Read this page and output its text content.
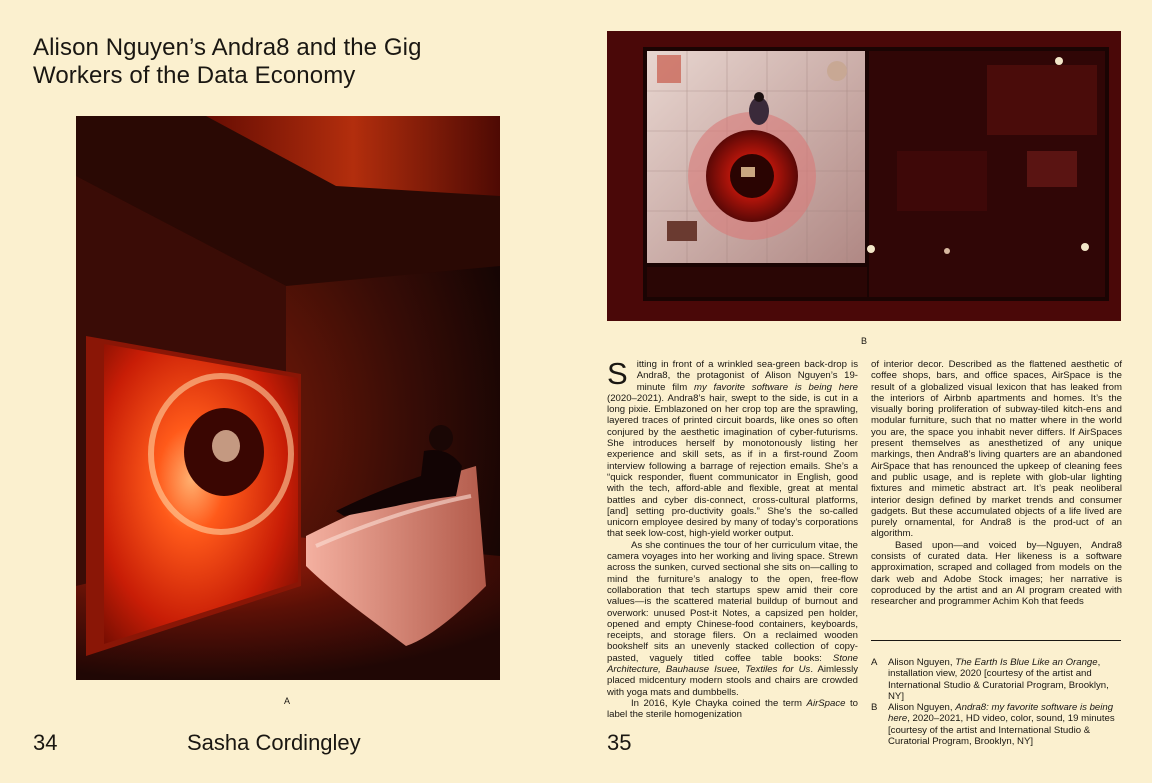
Alison Nguyen’s Andra8 and the Gig Workers of the Data Economy
A
34	Sasha Cordingley
B

Sitting in front of a wrinkled sea-green back-drop is Andra8, the protagonist of Alison Nguyen’s 19-minute film my favorite software is being here (2020–2021). Andra8’s hair, swept to the side, is cut in a long pixie. Emblazoned on her crop top are the sprawling, layered traces of printed circuit boards, like ones so often conjured by the aesthetic imagination of cyber-futurisms. She introduces herself by monotonously listing her experience and skill sets, as if in a first-round Zoom interview following a barrage of rejection emails. She’s a “quick responder, fluent communicator in English, good with the tech, afford-able and flexible, great at mental battles and cyber dis-connect, cross-cultural platforms, [and] setting pro-ductivity goals.” She’s the so-called unicorn employee desired by many of today’s corporations that seek low-cost, high-yield worker output.

As she continues the tour of her curriculum vitae, the camera voyages into her working and living space. Strewn across the sunken, curved sectional she sits on—calling to mind the furniture’s analogy to the open, free-flow collaboration that tech startups spew amid their core values—is the scattered material buildup of burnout and overwork: unused Post-it Notes, a capsized pen holder, opened and empty Chinese-food containers, keyboards, receipts, and storage filers. On a reclaimed wooden bookshelf sits an unevenly stacked collection of copy-pasted, vaguely titled coffee table books: Stone Architecture, Bauhause Isuee, Textiles for Us. Aimlessly placed midcentury modern stools and chairs are crowded with yoga mats and dumbbells.

In 2016, Kyle Chayka coined the term AirSpace to label the sterile homogenization

of interior decor. Described as the flattened aesthetic of coffee shops, bars, and office spaces, AirSpace is the result of a globalized visual lexicon that has leaked from the interiors of Airbnb apartments and homes. It’s the visually boring proliferation of subway-tiled kitch-ens and modular furniture, such that no matter where in the world you are, the space you inhabit never differs. If AirSpaces present themselves as anesthetized of any unique markings, then Andra8’s living quarters are an abandoned AirSpace that has renounced the upkeep of cleaning fees and public usage, and is replete with glob-ular lighting fixtures and mimetic abstract art. It’s peak neoliberal interior design defined by market trends and consumer gadgets. But these accumulated objects of a life lived are purely ornamental, for Andra8 is the prod-uct of an algorithm.

Based upon—and voiced by—Nguyen, Andra8 consists of curated data. Her likeness is a software approximation, scraped and collaged from models on the dark web and Adobe Stock images; her narrative is coproduced by the artist and an AI program created with researcher and programmer Achim Koh that feeds

A	Alison Nguyen, The Earth Is Blue Like an Orange, installation view, 2020 [courtesy of the artist and International Studio & Curatorial Program, Brooklyn, NY]
B	Alison Nguyen, Andra8: my favorite software is being here, 2020–2021, HD video, color, sound, 19 minutes [courtesy of the artist and International Studio & Curatorial Program, Brooklyn, NY]
35
